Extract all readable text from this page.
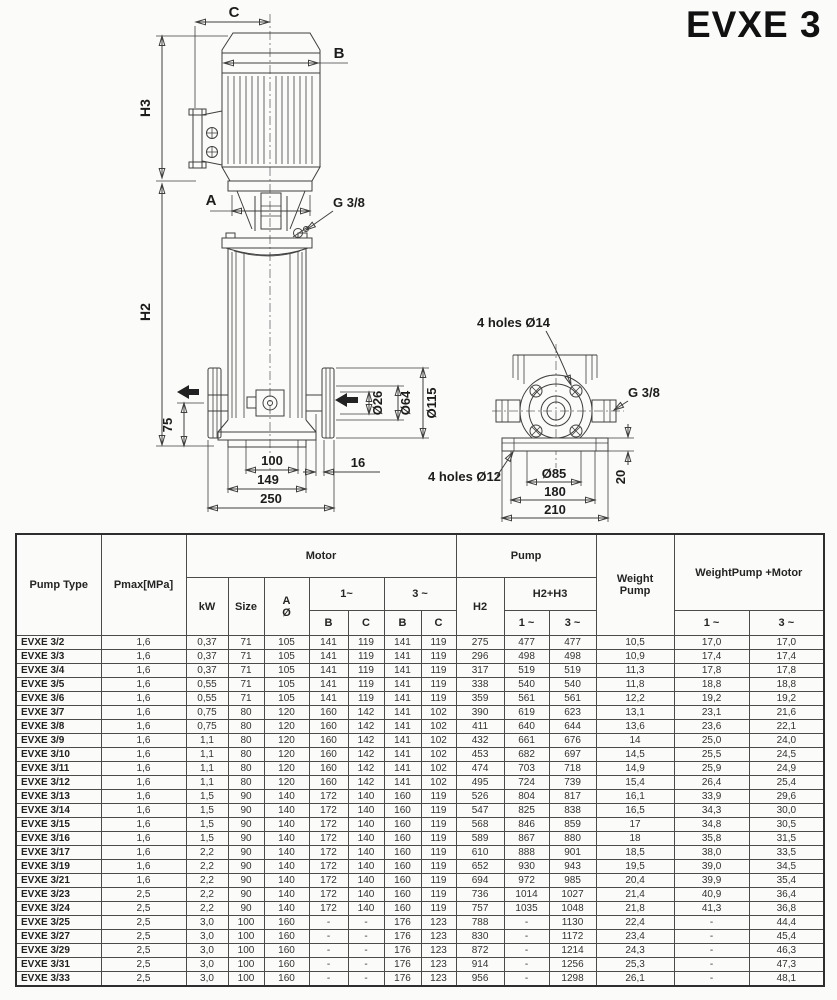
EVXE 3
C
B
H3
H2
A	G 3/8
75
Ø26 Ø64 Ø115
16
100
149
250
4 holes Ø14
G 3/8
4 holes Ø12	Ø85
180
210
20
Pump Type	Pmax[MPa]	Motor							Pump			Weight
Pump	WeightPump +Motor	
		kW	Size	A
Ø	1~		3 ~		H2	H2+H3				
					B	C	B	C		1 ~	3 ~		1 ~	3 ~
EVXE 3/2	1,6	0,37	71	105	141	119	141	119	275	477	477	10,5	17,0	17,0
EVXE 3/3	1,6	0,37	71	105	141	119	141	119	296	498	498	10,9	17,4	17,4
EVXE 3/4	1,6	0,37	71	105	141	119	141	119	317	519	519	11,3	17,8	17,8
EVXE 3/5	1,6	0,55	71	105	141	119	141	119	338	540	540	11,8	18,8	18,8
EVXE 3/6	1,6	0,55	71	105	141	119	141	119	359	561	561	12,2	19,2	19,2
EVXE 3/7	1,6	0,75	80	120	160	142	141	102	390	619	623	13,1	23,1	21,6
EVXE 3/8	1,6	0,75	80	120	160	142	141	102	411	640	644	13,6	23,6	22,1
EVXE 3/9	1,6	1,1	80	120	160	142	141	102	432	661	676	14	25,0	24,0
EVXE 3/10	1,6	1,1	80	120	160	142	141	102	453	682	697	14,5	25,5	24,5
EVXE 3/11	1,6	1,1	80	120	160	142	141	102	474	703	718	14,9	25,9	24,9
EVXE 3/12	1,6	1,1	80	120	160	142	141	102	495	724	739	15,4	26,4	25,4
EVXE 3/13	1,6	1,5	90	140	172	140	160	119	526	804	817	16,1	33,9	29,6
EVXE 3/14	1,6	1,5	90	140	172	140	160	119	547	825	838	16,5	34,3	30,0
EVXE 3/15	1,6	1,5	90	140	172	140	160	119	568	846	859	17	34,8	30,5
EVXE 3/16	1,6	1,5	90	140	172	140	160	119	589	867	880	18	35,8	31,5
EVXE 3/17	1,6	2,2	90	140	172	140	160	119	610	888	901	18,5	38,0	33,5
EVXE 3/19	1,6	2,2	90	140	172	140	160	119	652	930	943	19,5	39,0	34,5
EVXE 3/21	1,6	2,2	90	140	172	140	160	119	694	972	985	20,4	39,9	35,4
EVXE 3/23	2,5	2,2	90	140	172	140	160	119	736	1014	1027	21,4	40,9	36,4
EVXE 3/24	2,5	2,2	90	140	172	140	160	119	757	1035	1048	21,8	41,3	36,8
EVXE 3/25	2,5	3,0	100	160	-	-	176	123	788	-	1130	22,4	-	44,4
EVXE 3/27	2,5	3,0	100	160	-	-	176	123	830	-	1172	23,4	-	45,4
EVXE 3/29	2,5	3,0	100	160	-	-	176	123	872	-	1214	24,3	-	46,3
EVXE 3/31	2,5	3,0	100	160	-	-	176	123	914	-	1256	25,3	-	47,3
EVXE 3/33	2,5	3,0	100	160	-	-	176	123	956	-	1298	26,1	-	48,1
